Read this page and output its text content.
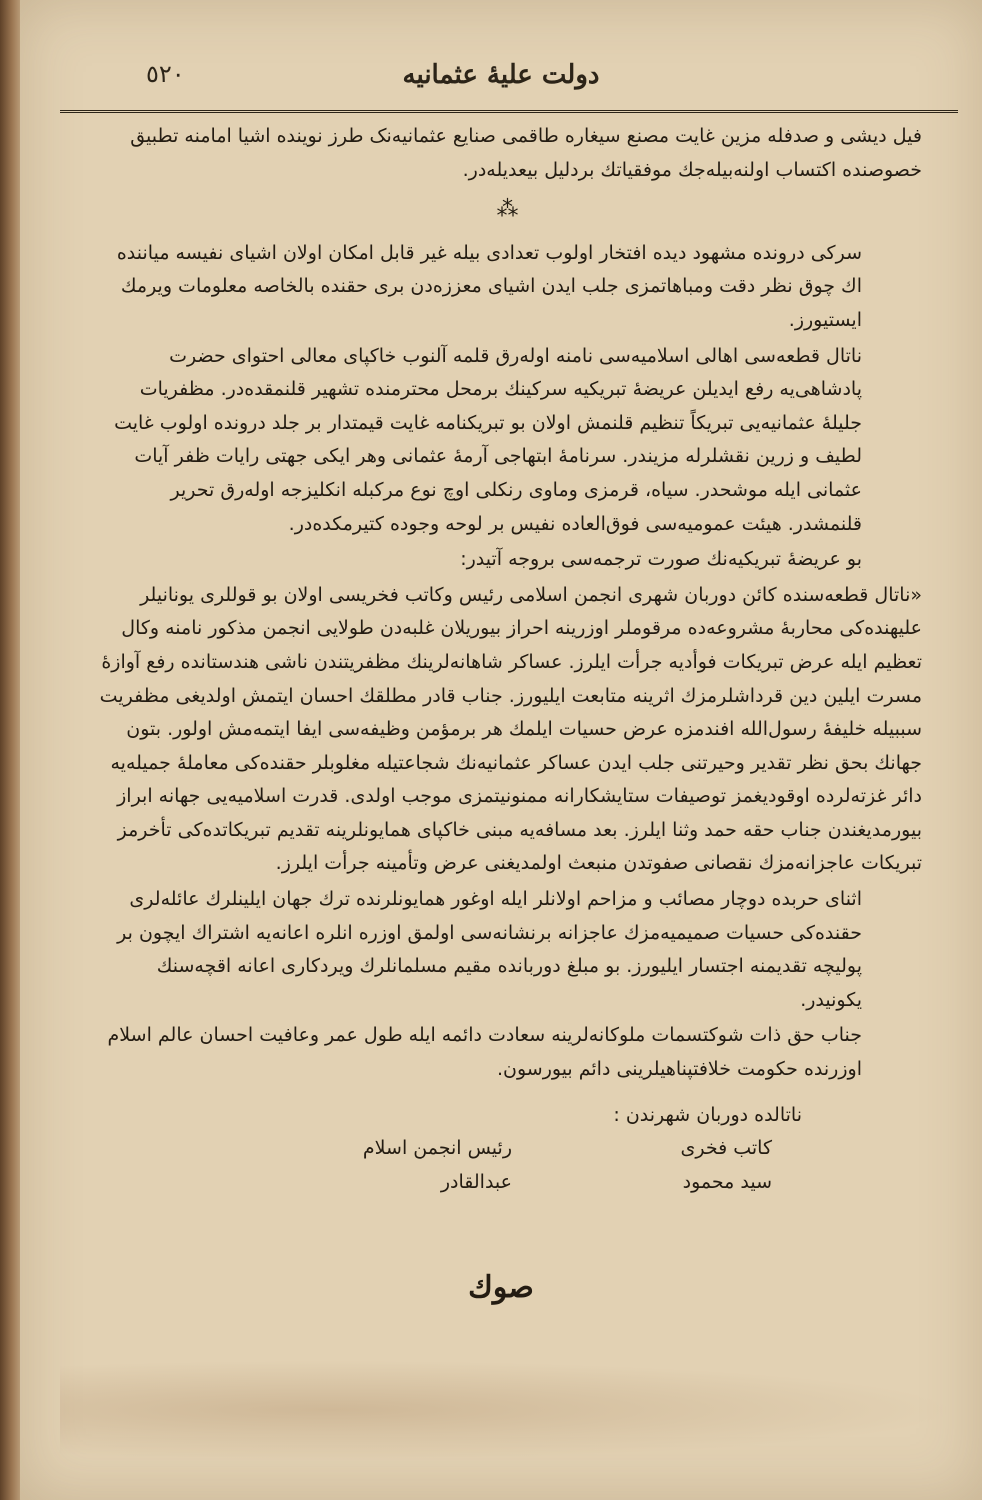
٥٢٠	دولت علیهٔ عثمانیه

فیل دیشی و صدفله مزین غایت مصنع سیغاره طاقمی صنایع عثمانیه‌نک طرز نوینده اشیا امامنه تطبیق خصوصنده اکتساب اولنه‌بیله‌جك موفقیاتك بردلیل بیعدیله‌در.

⁂

سرکی درونده مشهود دیده افتخار اولوب تعدادی بیله غیر قابل امکان اولان اشیای نفیسه میاننده اك چوق نظر دقت ومباهاتمزی جلب ایدن اشیای معززه‌دن بری حقنده بالخاصه معلومات ویرمك ایستیورز.

ناتال قطعه‌سی اهالی اسلامیه‌سی نامنه اولەرق قلمه آلنوب خاکپای معالی احتوای حضرت پادشاهی‌یه رفع ایدیلن عریضهٔ تبریکیه سرکینك برمحل محترمنده تشهیر قلنمقده‌در. مظفریات جلیلهٔ عثمانیه‌یی تبریکاً تنظیم قلنمش اولان بو تبریکنامه غایت قیمتدار بر جلد درونده اولوب غایت لطیف و زرین نقشلرله مزیندر. سرنامهٔ ابتهاجی آرمهٔ عثمانی وهر ایکی جهتی رایات ظفر آیات عثمانی ایله موشحدر. سیاه، قرمزی وماوی رنکلی اوچ نوع مرکبله انکلیزجه اولەرق تحریر قلنمشدر. هیئت عمومیه‌سی فوق‌العاده نفیس بر لوحه وجوده کتیرمکده‌در.

بو عریضهٔ تبریکیه‌نك صورت ترجمه‌سی بروجه آتیدر:

«ناتال قطعه‌سنده کائن دوربان شهری انجمن اسلامی رئیس وکاتب فخریسی اولان بو قوللری یونانیلر علیهنده‌کی محاربهٔ مشروعه‌ده مرقوملر اوزرینه احراز بیوریلان غلبه‌دن طولایی انجمن مذکور نامنه وکال تعظیم ایله عرض تبریکات فوأدیه جرأت ایلرز. عساکر شاهانه‌لرینك مظفریتندن ناشی هندستانده رفع آوازهٔ مسرت ایلین دین قرداشلرمزك اثرینه متابعت ایلیورز. جناب قادر مطلقك احسان ایتمش اولدیغی مظفریت سببیله خلیفهٔ رسول‌الله افندمزه عرض حسیات ایلمك هر برمؤمن وظیفه‌سی ایفا ایتمه‌مش اولور. بتون جهانك بحق نظر تقدیر وحیرتنی جلب ایدن عساکر عثمانیه‌نك شجاعتیله مغلوبلر حقنده‌کی معاملهٔ جمیله‌یه دائر غزته‌لرده اوقودیغمز توصیفات ستایشکارانه ممنونیتمزی موجب اولدی. قدرت اسلامیه‌یی جهانه ابراز بیورمدیغندن جناب حقه حمد وثنا ایلرز. بعد مسافه‌یه مبنی خاکپای همایونلرینه تقدیم تبریکاتده‌کی تأخرمز تبریکات عاجزانه‌مزك نقصانی صفوتدن منبعث اولمدیغنی عرض وتأمینه جرأت ایلرز.

اثنای حربده دوچار مصائب و مزاحم اولانلر ایله اوغور همایونلرنده ترك جهان ایلینلرك عائله‌لری حقنده‌کی حسیات صمیمیه‌مزك عاجزانه برنشانه‌سی اولمق اوزره انلره اعانه‌یه اشتراك ایچون بر پولیچه تقدیمنه اجتسار ایلیورز. بو مبلغ دوربانده مقیم مسلمانلرك ویردکاری اعانه اقچه‌سنك یکونیدر.

جناب حق ذات شوکتسمات ملوکانه‌لرینه سعادت دائمه ایله طول عمر وعافیت احسان عالم اسلام اوزرنده حکومت خلافتپناهیلرینی دائم بیورسون.

ناتالده دوربان شهرندن :
کاتب فخری
رئیس انجمن اسلام
سید محمود
عبدالقادر
صوك
